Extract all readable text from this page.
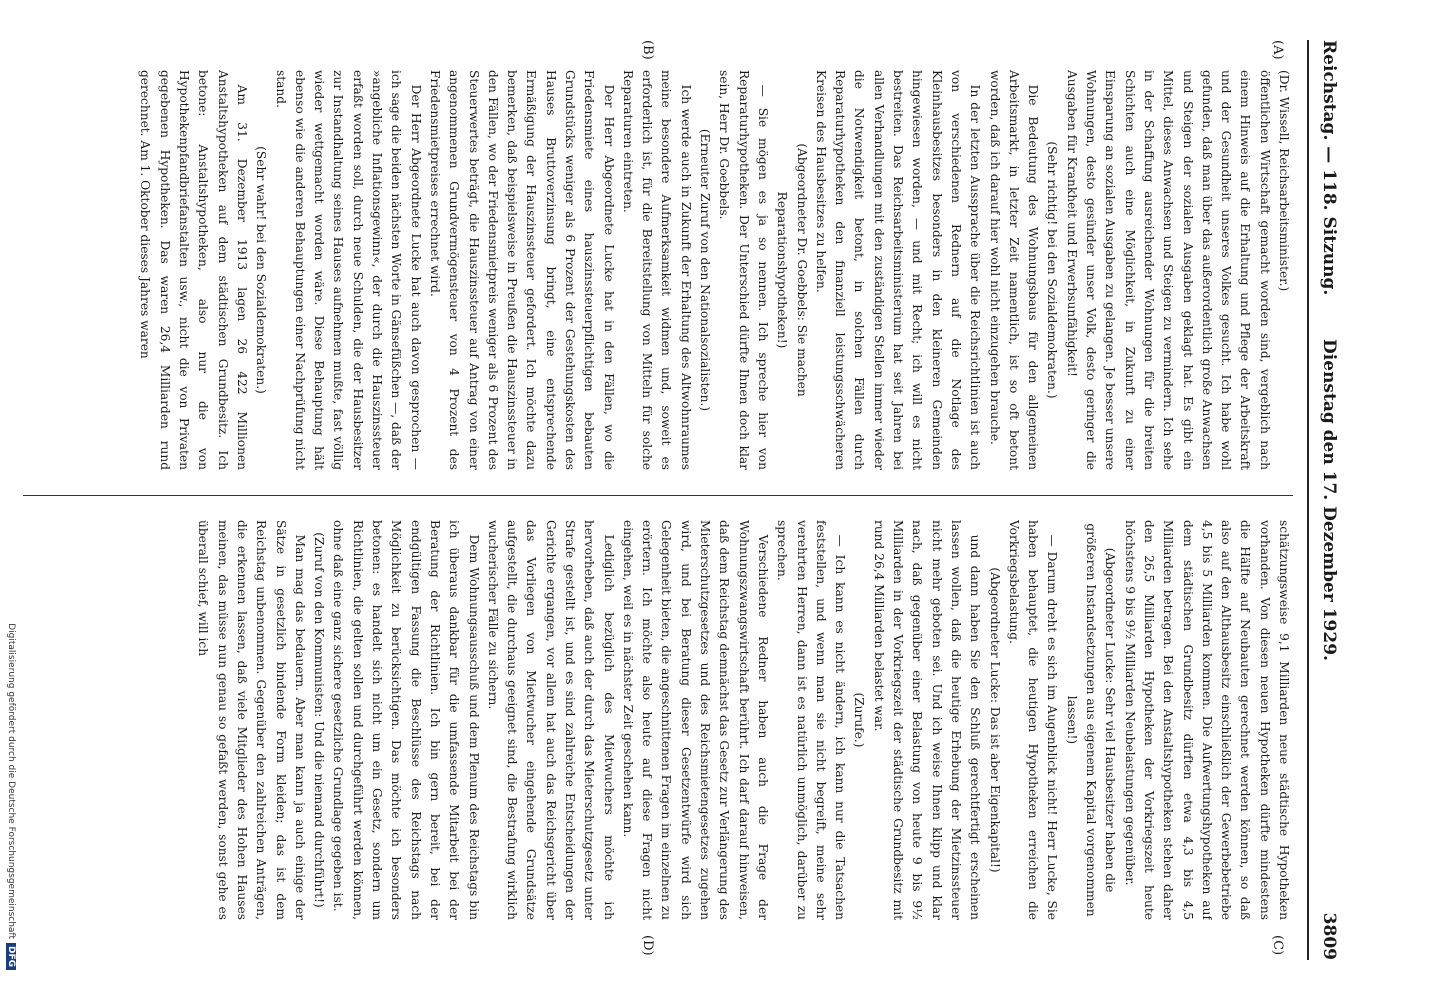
Reichstag. — 118. Sitzung.
Dienstag den 17. Dezember 1929.
3809
(A)
(B)
(C)
(D)

(Dr. Wissell, Reichsarbeitsminister.)

öffentlichen Wirtschaft gemacht worden sind, vergeblich nach einem Hinweis auf die Erhaltung und Pflege der Arbeitskraft und der Gesundheit unseres Volkes gesucht. Ich habe wohl gefunden, daß man über das außerordentlich große Anwachsen und Steigen der sozialen Ausgaben geklagt hat. Es gibt ein Mittel, dieses Anwachsen und Steigen zu vermindern. Ich sehe in der Schaffung ausreichender Wohnungen für die breiten Schichten auch eine Möglichkeit, in Zukunft zu einer Einsparung an sozialen Ausgaben zu gelangen. Je besser unsere Wohnungen, desto gesünder unser Volk, desto geringer die Ausgaben für Krankheit und Erwerbsunfähigkeit!

(Sehr richtig! bei den Sozialdemokraten.)

Die Bedeutung des Wohnungsbaus für den allgemeinen Arbeitsmarkt, in letzter Zeit namentlich, ist so oft betont worden, daß ich darauf hier wohl nicht einzugehen brauche.

In der letzten Aussprache über die Reichsrichtlinien ist auch von verschiedenen Rednern auf die Notlage des Kleinhausbesitzes besonders in den kleineren Gemeinden hingewiesen worden, — und mit Recht; ich will es nicht bestreiten. Das Reichsarbeitsministerium hat seit Jahren bei allen Verhandlungen mit den zuständigen Stellen immer wieder die Notwendigkeit betont, in solchen Fällen durch Reparaturhypotheken den finanziell leistungsschwächeren Kreisen des Hausbesitzes zu helfen.

(Abgeordneter Dr. Goebbels: Sie machen Reparationshypotheken!)

— Sie mögen es ja so nennen. Ich spreche hier von Reparaturhypotheken. Der Unterschied dürfte Ihnen doch klar sein, Herr Dr. Goebbels.

(Erneuter Zuruf von den Nationalsozialisten.)

Ich werde auch in Zukunft der Erhaltung des Altwohnraumes meine besondere Aufmerksamkeit widmen und, soweit es erforderlich ist, für die Bereitstellung von Mitteln für solche Reparaturen eintreten.

Der Herr Abgeordnete Lucke hat in den Fällen, wo die Friedensmiete eines hauszinssteuerpflichtigen bebauten Grundstücks weniger als 6 Prozent der Gestehungskosten des Hauses Bruttoverzinsung bringt, eine entsprechende Ermäßigung der Hauszinssteuer gefordert. Ich möchte dazu bemerken, daß beispielsweise in Preußen die Hauszinssteuer in den Fällen, wo der Friedensmietpreis weniger als 6 Prozent des Steuerwertes beträgt, die Hauszinssteuer auf Antrag von einer angenommenen Grundvermögensteuer von 4 Prozent des Friedensmietpreises errechnet wird.

Der Herr Abgeordnete Lucke hat auch davon gesprochen — ich sage die beiden nächsten Worte in Gänsefüßchen —, daß der »angebliche Inflationsgewinn«, der durch die Hauszinssteuer erfaßt worden soll, durch neue Schulden, die der Hausbesitzer zur Instandhaltung seines Hauses aufnehmen mußte, fast völlig wieder wettgemacht worden wäre. Diese Behauptung hält ebenso wie die anderen Behauptungen einer Nachprüfung nicht stand.

(Sehr wahr! bei den Sozialdemokraten.)

Am 31. Dezember 1913 lagen 26 422 Millionen Anstaltshypotheken auf dem städtischen Grundbesitz. Ich betone: Anstaltshypotheken, also nur die von Hypothekenpfandbriefanstalten usw., nicht die von Privaten gegebenen Hypotheken. Das waren 26,4 Milliarden rund gerechnet. Am 1. Oktober dieses Jahres waren

schätzungsweise 9,1 Milliarden neue städtische Hypotheken vorhanden. Von diesen neuen Hypotheken dürfte mindestens die Hälfte auf Neubauten gerechnet werden können, so daß also auf den Althausbesitz einschließlich der Gewerbebetriebe 4,5 bis 5 Milliarden kommen. Die Aufwertungshypotheken auf dem städtischen Grundbesitz dürften etwa 4,3 bis 4,5 Milliarden betragen. Bei den Anstaltshypotheken stehen daher den 26,5 Milliarden Hypotheken der Vorkriegszeit heute höchstens 9 bis 9½ Milliarden Neubelastungen gegenüber.

(Abgeordneter Lucke: Sehr viel Hausbesitzer haben die größeren Instandsetzungen aus eigenem Kapital vorgenommen lassen!)

— Darum dreht es sich im Augenblick nicht! Herr Lucke, Sie haben behauptet, die heutigen Hypotheken erreichen die Vorkriegsbelastung.

(Abgeordneter Lucke: Das ist aber Eigenkapital!)

und dann haben Sie den Schluß gerechtfertigt erscheinen lassen wollen, daß die heutige Erhebung der Mietzinssteuer nicht mehr geboten sei. Und ich weise Ihnen klipp und klar nach, daß gegenüber einer Belastung von heute 9 bis 9½ Milliarden in der Vorkriegszeit der städtische Grundbesitz mit rund 26,4 Milliarden belastet war.

(Zurufe.)

— Ich kann es nicht ändern, ich kann nur die Tatsachen feststellen, und wenn man sie nicht begreift, meine sehr verehrten Herren, dann ist es natürlich unmöglich, darüber zu sprechen.

Verschiedene Redner haben auch die Frage der Wohnungszwangswirtschaft berührt. Ich darf darauf hinweisen, daß dem Reichstag demnächst das Gesetz zur Verlängerung des Mieterschutzgesetzes und des Reichsmietengesetzes zugehen wird, und bei Beratung dieser Gesetzentwürfe wird sich Gelegenheit bieten, die angeschnittenen Fragen im einzelnen zu erörtern. Ich möchte also heute auf diese Fragen nicht eingehen, weil es in nächster Zeit geschehen kann.

Lediglich bezüglich des Mietwuchers möchte ich hervorheben, daß auch der durch das Mieterschutzgesetz unter Strafe gestellt ist, und es sind zahlreiche Entscheidungen der Gerichte ergangen, vor allem hat auch das Reichsgericht über das Vorliegen von Mietwucher eingehende Grundsätze aufgestellt, die durchaus geeignet sind, die Bestrafung wirklich wucherischer Fälle zu sichern.

Dem Wohnungsausschuß und dem Plenum des Reichstags bin ich überaus dankbar für die umfassende Mitarbeit bei der Beratung der Richtlinien. Ich bin gern bereit, bei der endgültigen Fassung die Beschlüsse des Reichstags nach Möglichkeit zu berücksichtigen. Das möchte ich besonders betonen: es handelt sich nicht um ein Gesetz, sondern um Richtlinien, die gelten sollen und durchgeführt werden können, ohne daß eine ganz sichere gesetzliche Grundlage gegeben ist.

(Zuruf von den Kommunisten: Und die niemand durchführt!)

Man mag das bedauern. Aber man kann ja auch einige der Sätze in gesetzlich bindende Form kleiden; das ist dem Reichstag unbenommen. Gegenüber den zahlreichen Anträgen, die erkennen lassen, daß viele Mitglieder des Hohen Hauses meinen, das müsse nun genau so gefaßt werden, sonst gehe es überall schief, will ich

Digitalisierung gefördert durch die Deutsche ForschungsgemeinschaftDFG
